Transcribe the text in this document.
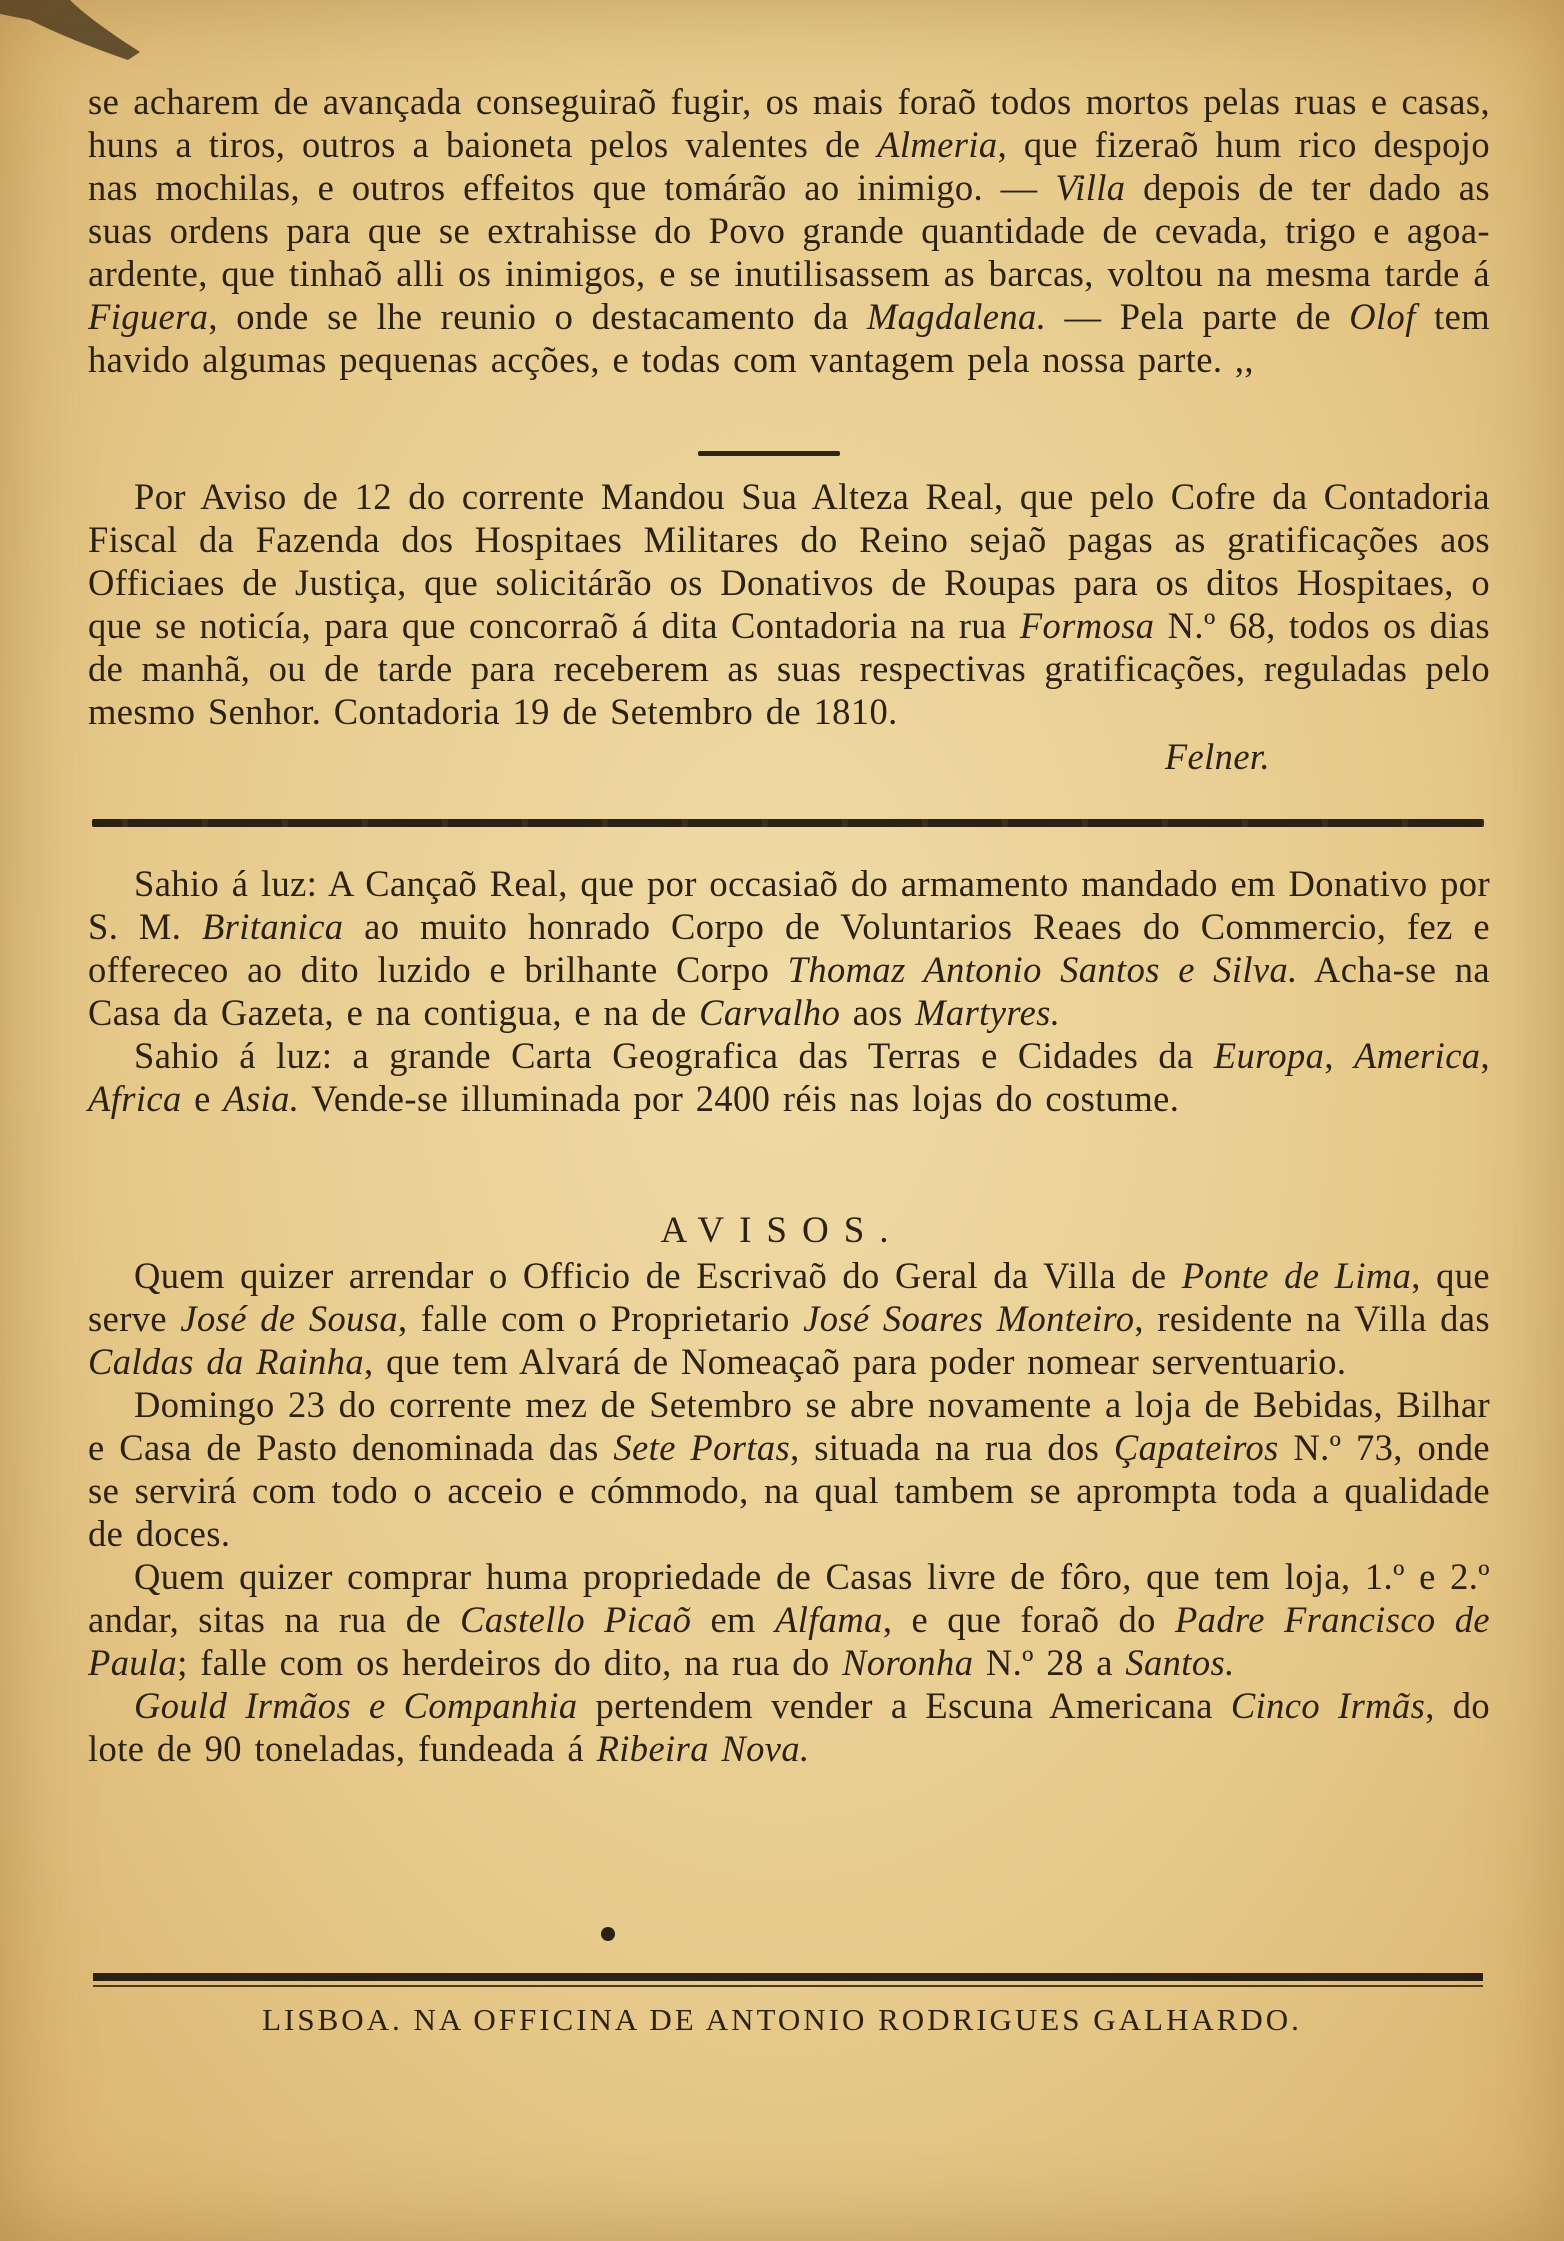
se acharem de avançada conseguiraõ fugir, os mais foraõ todos mortos pelas ruas e casas, huns a tiros, outros a baioneta pelos valentes de Almeria, que fizeraõ hum rico despojo nas mochilas, e outros effeitos que tomárão ao inimigo. — Villa depois de ter dado as suas ordens para que se extrahisse do Povo grande quantidade de cevada, trigo e agoa-ardente, que tinhaõ alli os inimigos, e se inutilisassem as barcas, voltou na mesma tarde á Figuera, onde se lhe reunio o destacamento da Magdalena. — Pela parte de Olof tem havido algumas pequenas acções, e todas com vantagem pela nossa parte. ,,

Por Aviso de 12 do corrente Mandou Sua Alteza Real, que pelo Cofre da Contadoria Fiscal da Fazenda dos Hospitaes Militares do Reino sejaõ pagas as gratificações aos Officiaes de Justiça, que solicitárão os Donativos de Roupas para os ditos Hospitaes, o que se noticía, para que concorraõ á dita Contadoria na rua Formosa N.º 68, todos os dias de manhã, ou de tarde para receberem as suas respectivas gratificações, reguladas pelo mesmo Senhor. Contadoria 19 de Setembro de 1810.

Felner.

Sahio á luz: A Cançaõ Real, que por occasiaõ do armamento mandado em Donativo por S. M. Britanica ao muito honrado Corpo de Voluntarios Reaes do Commercio, fez e offereceo ao dito luzido e brilhante Corpo Thomaz Antonio Santos e Silva. Acha-se na Casa da Gazeta, e na contigua, e na de Carvalho aos Martyres.

Sahio á luz: a grande Carta Geografica das Terras e Cidades da Europa, America, Africa e Asia. Vende-se illuminada por 2400 réis nas lojas do costume.

AVISOS.

Quem quizer arrendar o Officio de Escrivaõ do Geral da Villa de Ponte de Lima, que serve José de Sousa, falle com o Proprietario José Soares Monteiro, residente na Villa das Caldas da Rainha, que tem Alvará de Nomeaçaõ para poder nomear serventuario.

Domingo 23 do corrente mez de Setembro se abre novamente a loja de Bebidas, Bilhar e Casa de Pasto denominada das Sete Portas, situada na rua dos Çapateiros N.º 73, onde se servirá com todo o acceio e cómmodo, na qual tambem se apromptа toda a qualidade de doces.

Quem quizer comprar huma propriedade de Casas livre de fôro, que tem loja, 1.º e 2.º andar, sitas na rua de Castello Picaõ em Alfama, e que foraõ do Padre Francisco de Paula; falle com os herdeiros do dito, na rua do Noronha N.º 28 a Santos.

Gould Irmãos e Companhia pertendem vender a Escuna Americana Cinco Irmãs, do lote de 90 toneladas, fundeada á Ribeira Nova.

LISBOA. NA OFFICINA DE ANTONIO RODRIGUES GALHARDO.
